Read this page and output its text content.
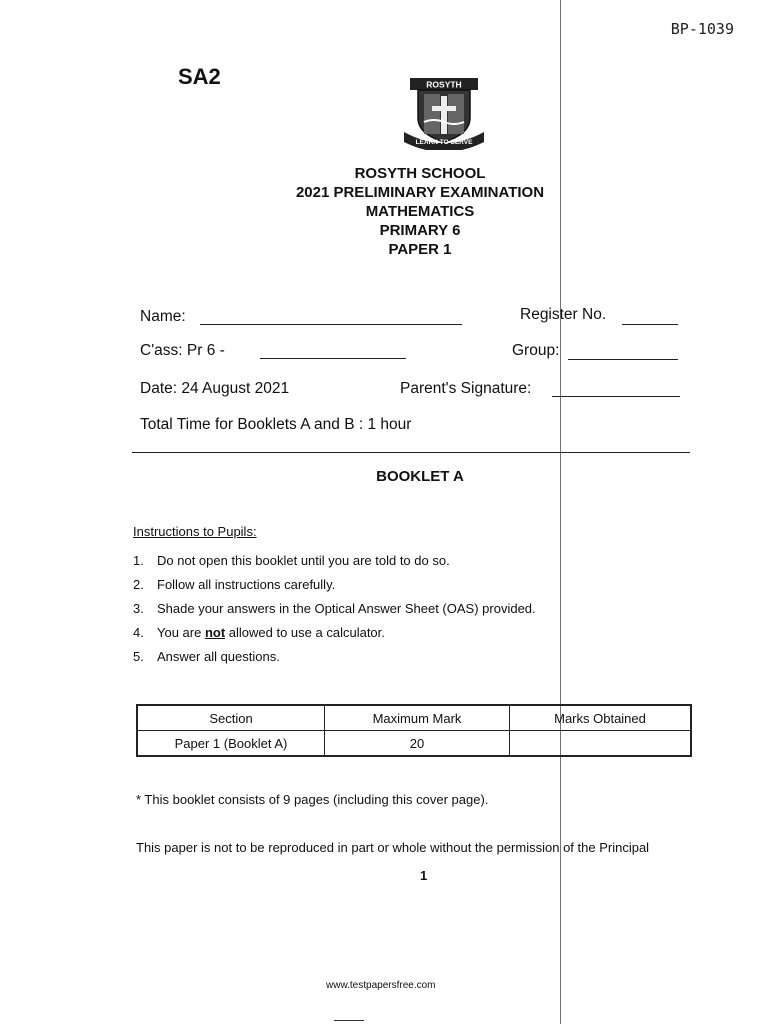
BP-1039
SA2	ROSYTH
LEARN TO SERVE
ROSYTH SCHOOL
2021 PRELIMINARY EXAMINATION
MATHEMATICS
PRIMARY 6
PAPER 1
Name:	Register No.
C'ass: Pr 6 -	Group:
Date: 24 August 2021	Parent's Signature:
Total Time for Booklets A and B : 1 hour
BOOKLET A
Instructions to Pupils:
1. Do not open this booklet until you are told to do so.
2. Follow all instructions carefully.
3. Shade your answers in the Optical Answer Sheet (OAS) provided.
4. You are not allowed to use a calculator.
5. Answer all questions.
Section	Maximum Mark	Marks Obtained
Paper 1 (Booklet A)	20	
* This booklet consists of 9 pages (including this cover page).
This paper is not to be reproduced in part or whole without the permission of the Principal
1
www.testpapersfree.com
